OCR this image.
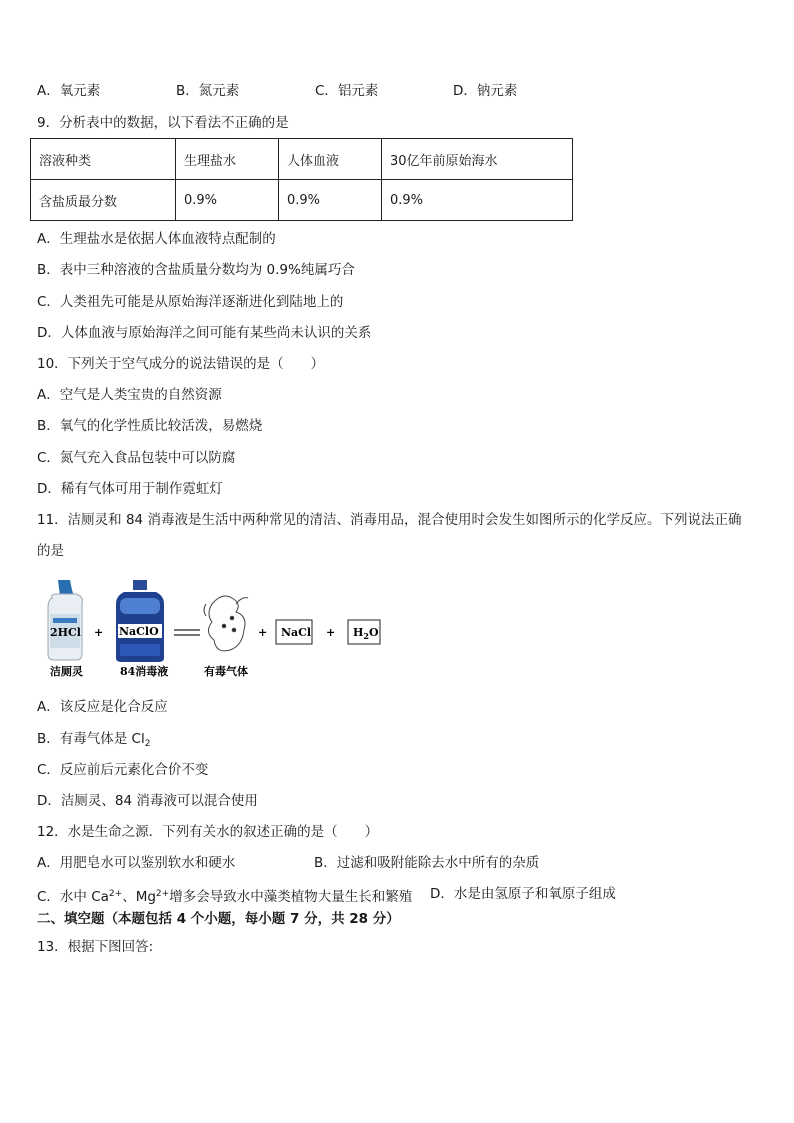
A．氧元素	B．氮元素	C．铝元素	D．钠元素
9．分析表中的数据，以下看法不正确的是
溶液种类	生理盐水	人体血液	30亿年前原始海水
含盐质最分数	0.9%	0.9%	0.9%
A．生理盐水是依据人体血液特点配制的
B．表中三种溶液的含盐质量分数均为 0.9%纯属巧合
C．人类祖先可能是从原始海洋逐渐进化到陆地上的
D．人体血液与原始海洋之间可能有某些尚未认识的关系
10．下列关于空气成分的说法错误的是（　　）
A．空气是人类宝贵的自然资源
B．氧气的化学性质比较活泼，易燃烧
C．氮气充入食品包装中可以防腐
D．稀有气体可用于制作霓虹灯
11．洁厕灵和 84 消毒液是生活中两种常见的清洁、消毒用品，混合使用时会发生如图所示的化学反应。下列说法正确
的是
2HCl
洁厕灵
+ NaClO
84消毒液	有毒气体
+ NaCl + $H_2O$
A．该反应是化合反应
B．有毒气体是 $Cl_2$
C．反应前后元素化合价不变
D．洁厕灵、84 消毒液可以混合使用
12．水是生命之源．下列有关水的叙述正确的是（　　）
A．用肥皂水可以鉴别软水和硬水	B．过滤和吸附能除去水中所有的杂质
C．水中 $Ca^{2+}$、$Mg^{2+}$增多会导致水中藻类植物大量生长和繁殖 D．水是由氢原子和氧原子组成
二、填空题（本题包括 4 个小题，每小题 7 分，共 28 分）
13．根据下图回答:
